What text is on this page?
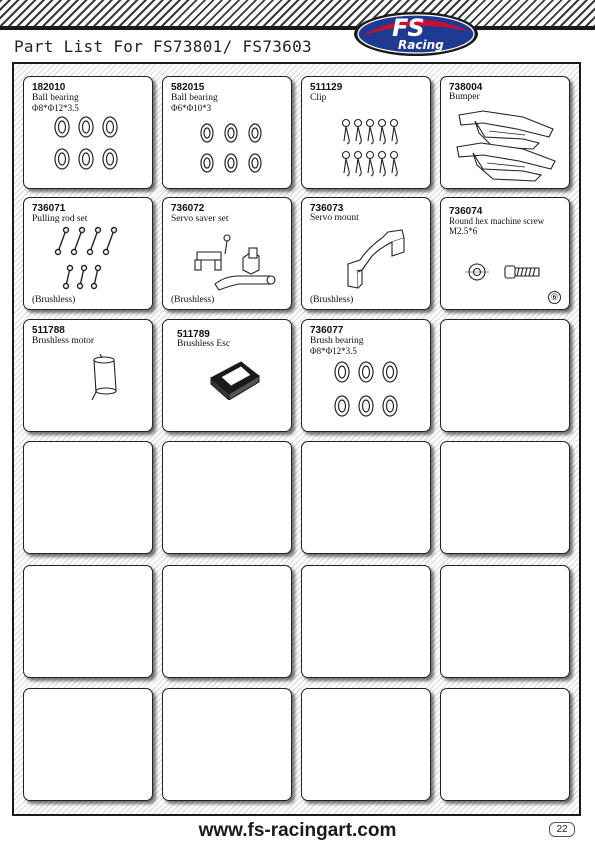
Part List For FS73801/ FS73603
FS
Racing
182010
Ball bearing
Φ8*Φ12*3.5
582015
Ball bearing
Φ6*Φ10*3
511129
Clip
738004
Bumper
736071
Pulling rod set
(Brushless)
736072
Servo saver set
(Brushless)
736073
Servo mount
(Brushless)
736074
Round hex machine screw
M2.5*6
⑥
511788
Brushless motor
511789
Brushless Esc
736077
Brush bearing
Φ8*Φ12*3.5
www.fs-racingart.com	22
